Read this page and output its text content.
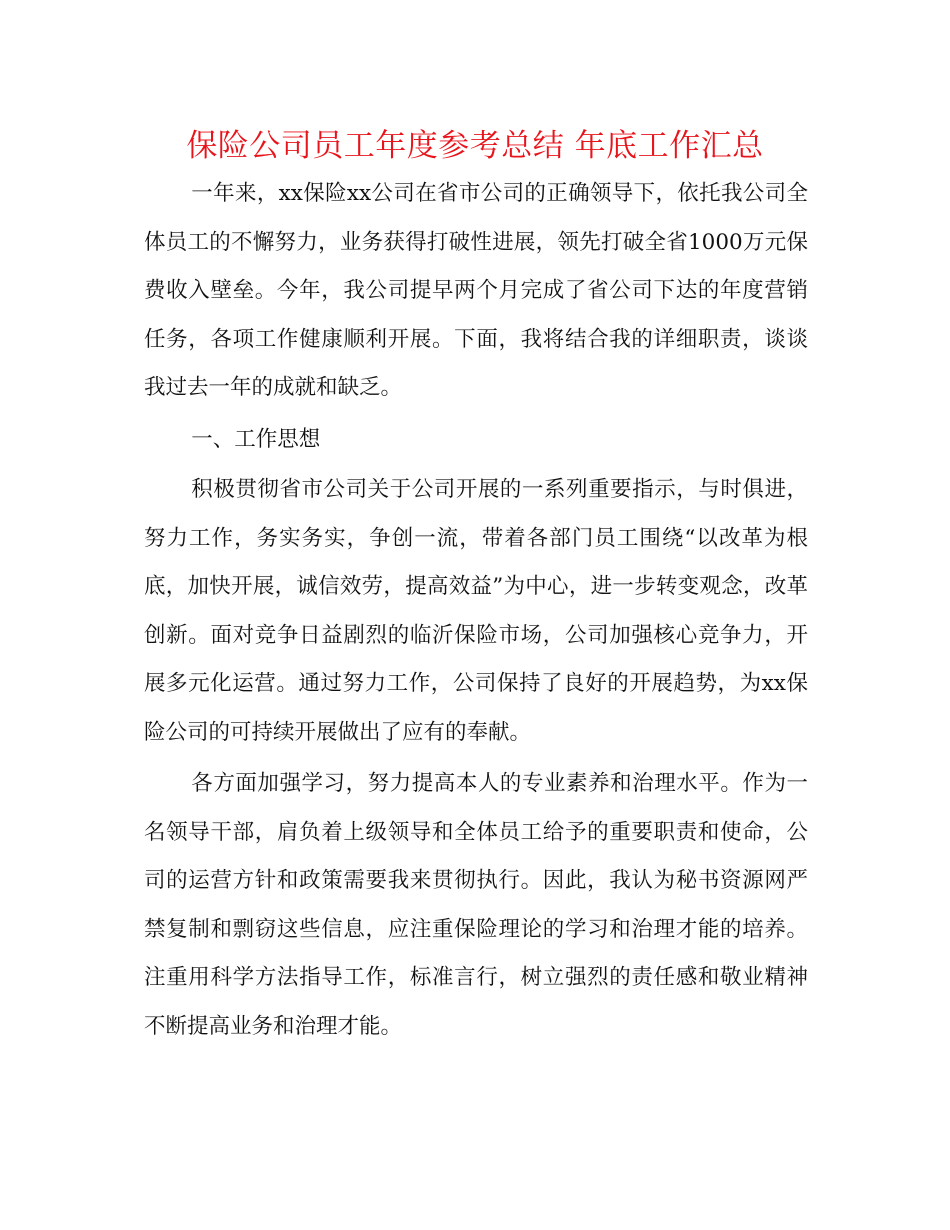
保险公司员工年度参考总结 年底工作汇总

一年来，xx保险xx公司在省市公司的正确领导下，依托我公司全体员工的不懈努力，业务获得打破性进展，领先打破全省1000万元保费收入壁垒。今年，我公司提早两个月完成了省公司下达的年度营销任务，各项工作健康顺利开展。下面，我将结合我的详细职责，谈谈我过去一年的成就和缺乏。

一、工作思想

积极贯彻省市公司关于公司开展的一系列重要指示，与时俱进，努力工作，务实务实，争创一流，带着各部门员工围绕“以改革为根底，加快开展，诚信效劳，提高效益”为中心，进一步转变观念，改革创新。面对竞争日益剧烈的临沂保险市场，公司加强核心竞争力，开展多元化运营。通过努力工作，公司保持了良好的开展趋势，为xx保险公司的可持续开展做出了应有的奉献。

各方面加强学习，努力提高本人的专业素养和治理水平。作为一名领导干部，肩负着上级领导和全体员工给予的重要职责和使命，公司的运营方针和政策需要我来贯彻执行。因此，我认为秘书资源网严禁复制和剽窃这些信息，应注重保险理论的学习和治理才能的培养。注重用科学方法指导工作，标准言行，树立强烈的责任感和敬业精神不断提高业务和治理才能。
